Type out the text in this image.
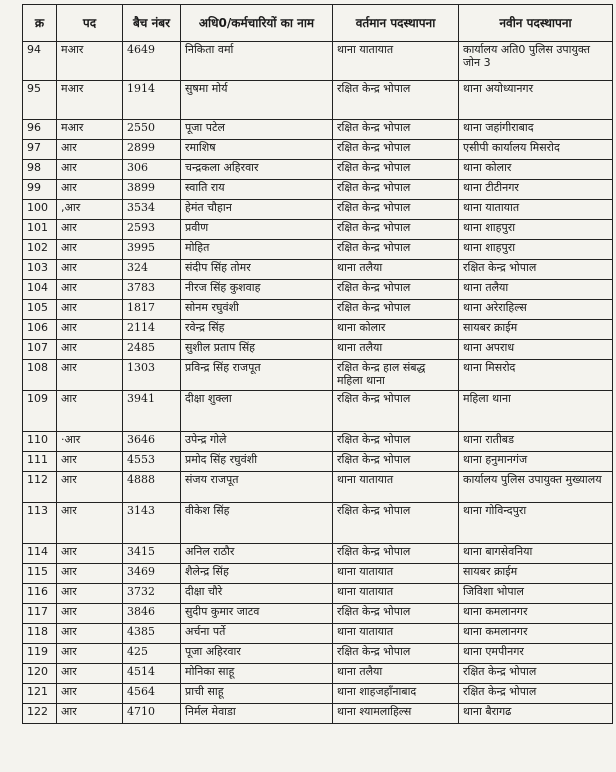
क्र	पद	बैच नंबर	अधि0/कर्मचारियों का नाम	वर्तमान पदस्थापना	नवीन पदस्थापना
94	मआर	4649	निकिता वर्मा	थाना यातायात	कार्यालय अति0 पुलिस उपायुक्त जोन 3
95	मआर	1914	सुषमा मोर्य	रक्षित केन्द्र भोपाल	थाना अयोध्यानगर
96	मआर	2550	पूजा पटेल	रक्षित केन्द्र भोपाल	थाना जहांगीराबाद
97	आर	2899	रमाशिष	रक्षित केन्द्र भोपाल	एसीपी कार्यालय मिसरोद
98	आर	306	चन्द्रकला अहिरवार	रक्षित केन्द्र भोपाल	थाना कोलार
99	आर	3899	स्वाति राय	रक्षित केन्द्र भोपाल	थाना टीटीनगर
100	,आर	3534	हेमंत चौहान	रक्षित केन्द्र भोपाल	थाना यातायात
101	आर	2593	प्रवीण	रक्षित केन्द्र भोपाल	थाना शाहपुरा
102	आर	3995	मोहित	रक्षित केन्द्र भोपाल	थाना शाहपुरा
103	आर	324	संदीप सिंह तोमर	थाना तलैया	रक्षित केन्द्र भोपाल
104	आर	3783	नीरज सिंह कुशवाह	रक्षित केन्द्र भोपाल	थाना तलैया
105	आर	1817	सोनम रघुवंशी	रक्षित केन्द्र भोपाल	थाना अरेराहिल्स
106	आर	2114	रवेन्द्र सिंह	थाना कोलार	सायबर क्राईम
107	आर	2485	सुशील प्रताप सिंह	थाना तलैया	थाना अपराध
108	आर	1303	प्रविन्द्र सिंह राजपूत	रक्षित केन्द्र हाल संबद्ध महिला थाना	थाना मिसरोद
109	आर	3941	दीक्षा शुक्ला	रक्षित केन्द्र भोपाल	महिला थाना
110	·आर	3646	उपेन्द्र गोले	रक्षित केन्द्र भोपाल	थाना रातीबड
111	आर	4553	प्रमोद सिंह रघुवंशी	रक्षित केन्द्र भोपाल	थाना हनुमानगंज
112	आर	4888	संजय राजपूत	थाना यातायात	कार्यालय पुलिस उपायुक्त मुख्यालय
113	आर	3143	वीकेश सिंह	रक्षित केन्द्र भोपाल	थाना गोविन्दपुरा
114	आर	3415	अनिल राठौर	रक्षित केन्द्र भोपाल	थाना बागसेवनिया
115	आर	3469	शैलेन्द्र सिंह	थाना यातायात	सायबर क्राईम
116	आर	3732	दीक्षा चौरे	थाना यातायात	जिविशा भोपाल
117	आर	3846	सुदीप कुमार जाटव	रक्षित केन्द्र भोपाल	थाना कमलानगर
118	आर	4385	अर्चना पर्ते	थाना यातायात	थाना कमलानगर
119	आर	425	पूजा अहिरवार	रक्षित केन्द्र भोपाल	थाना एमपीनगर
120	आर	4514	मोनिका साहू	थाना तलैया	रक्षित केन्द्र भोपाल
121	आर	4564	प्राची साहू	थाना शाहजहाँनाबाद	रक्षित केन्द्र भोपाल
122	आर	4710	निर्मल मेवाडा	थाना श्यामलाहिल्स	थाना बैरागढ
